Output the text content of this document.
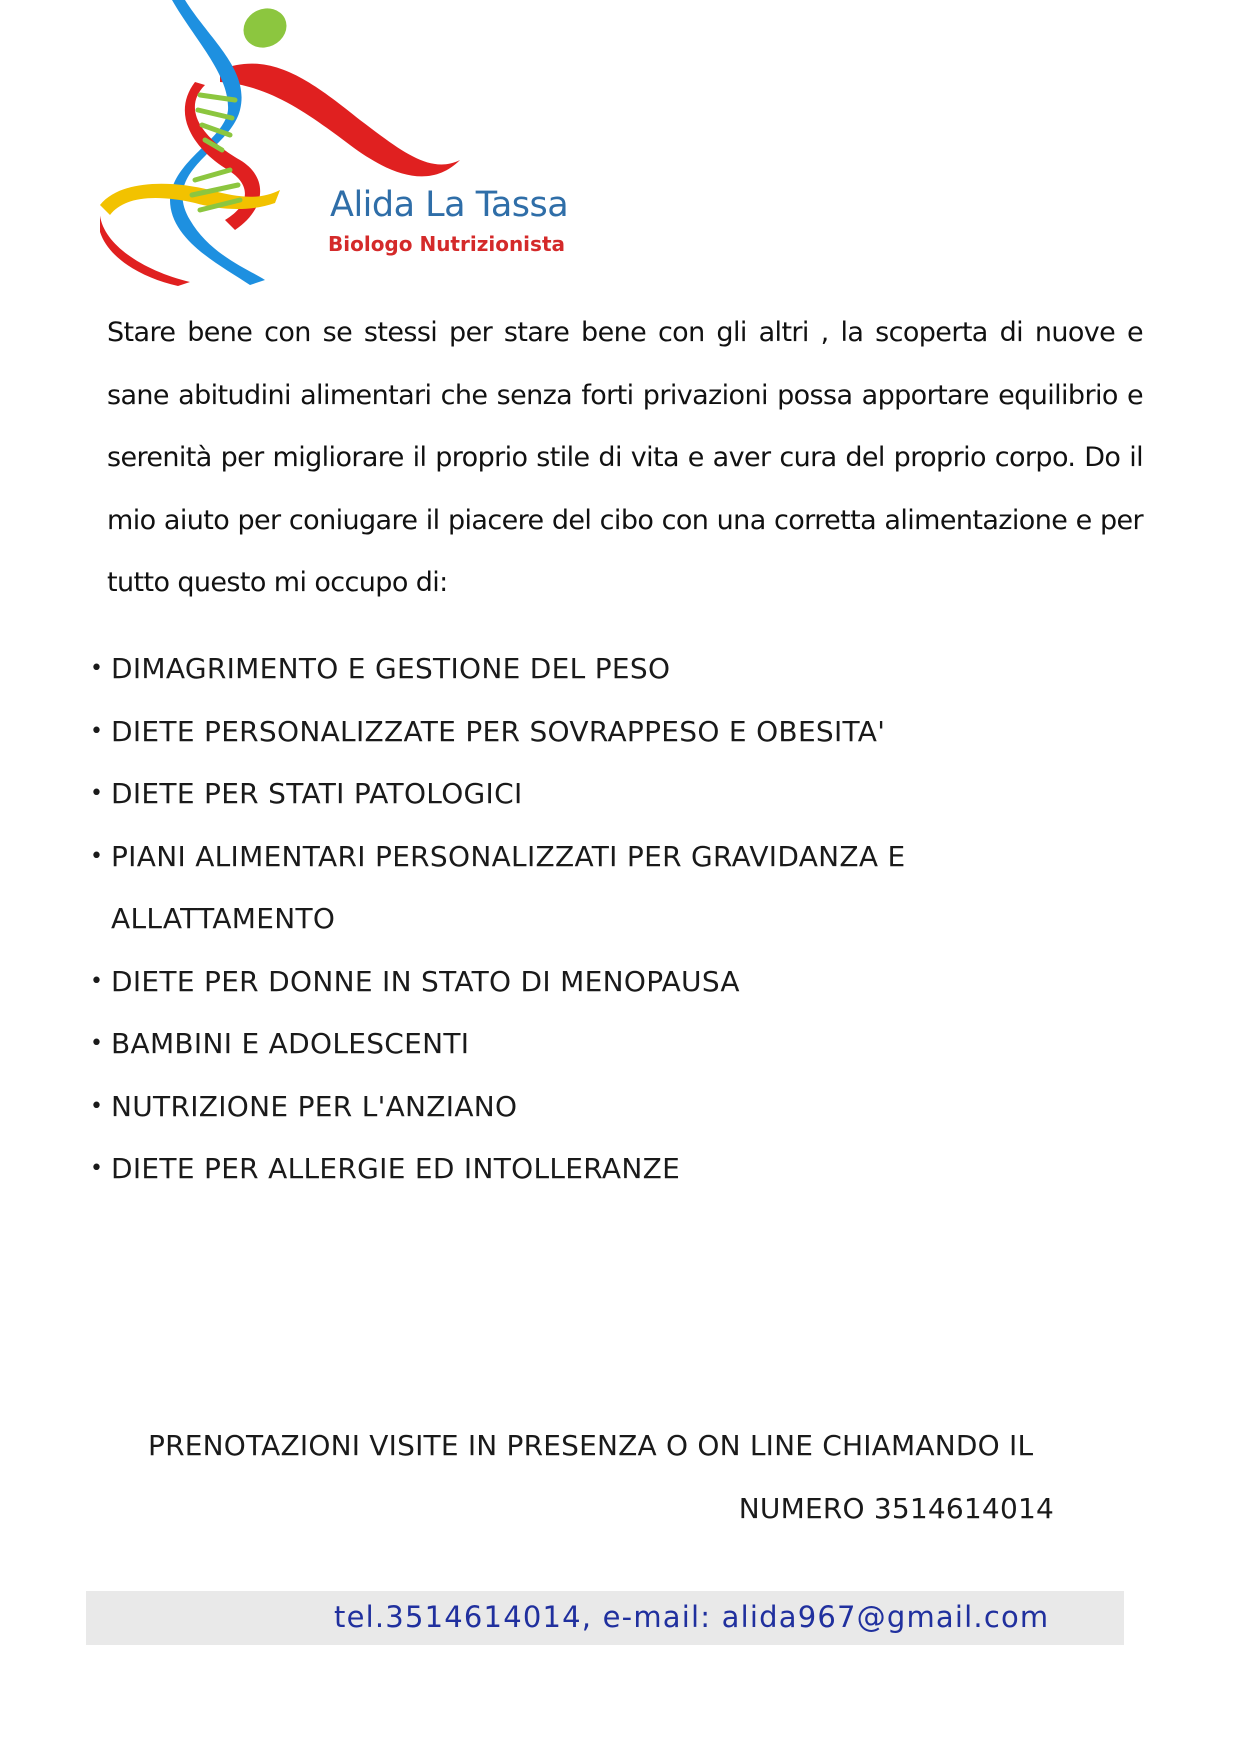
Alida La Tassa
Biologo Nutrizionista

Stare bene con se stessi per stare bene con gli altri , la scoperta di nuove e sane abitudini alimentari che senza forti privazioni possa apportare equilibrio e serenità per migliorare il proprio stile di vita e aver cura del proprio corpo. Do il mio aiuto per coniugare il piacere del cibo con una corretta alimentazione e per tutto questo mi occupo di:

• DIMAGRIMENTO E GESTIONE DEL PESO
• DIETE PERSONALIZZATE PER SOVRAPPESO E OBESITA'
• DIETE PER STATI PATOLOGICI
• PIANI ALIMENTARI PERSONALIZZATI PER GRAVIDANZA E ALLATTAMENTO
• DIETE PER DONNE IN STATO DI MENOPAUSA
• BAMBINI E ADOLESCENTI
• NUTRIZIONE PER L'ANZIANO
• DIETE PER ALLERGIE ED INTOLLERANZE
PRENOTAZIONI VISITE IN PRESENZA O ON LINE CHIAMANDO IL
NUMERO 3514614014
tel.3514614014, e-mail: alida967@gmail.com
